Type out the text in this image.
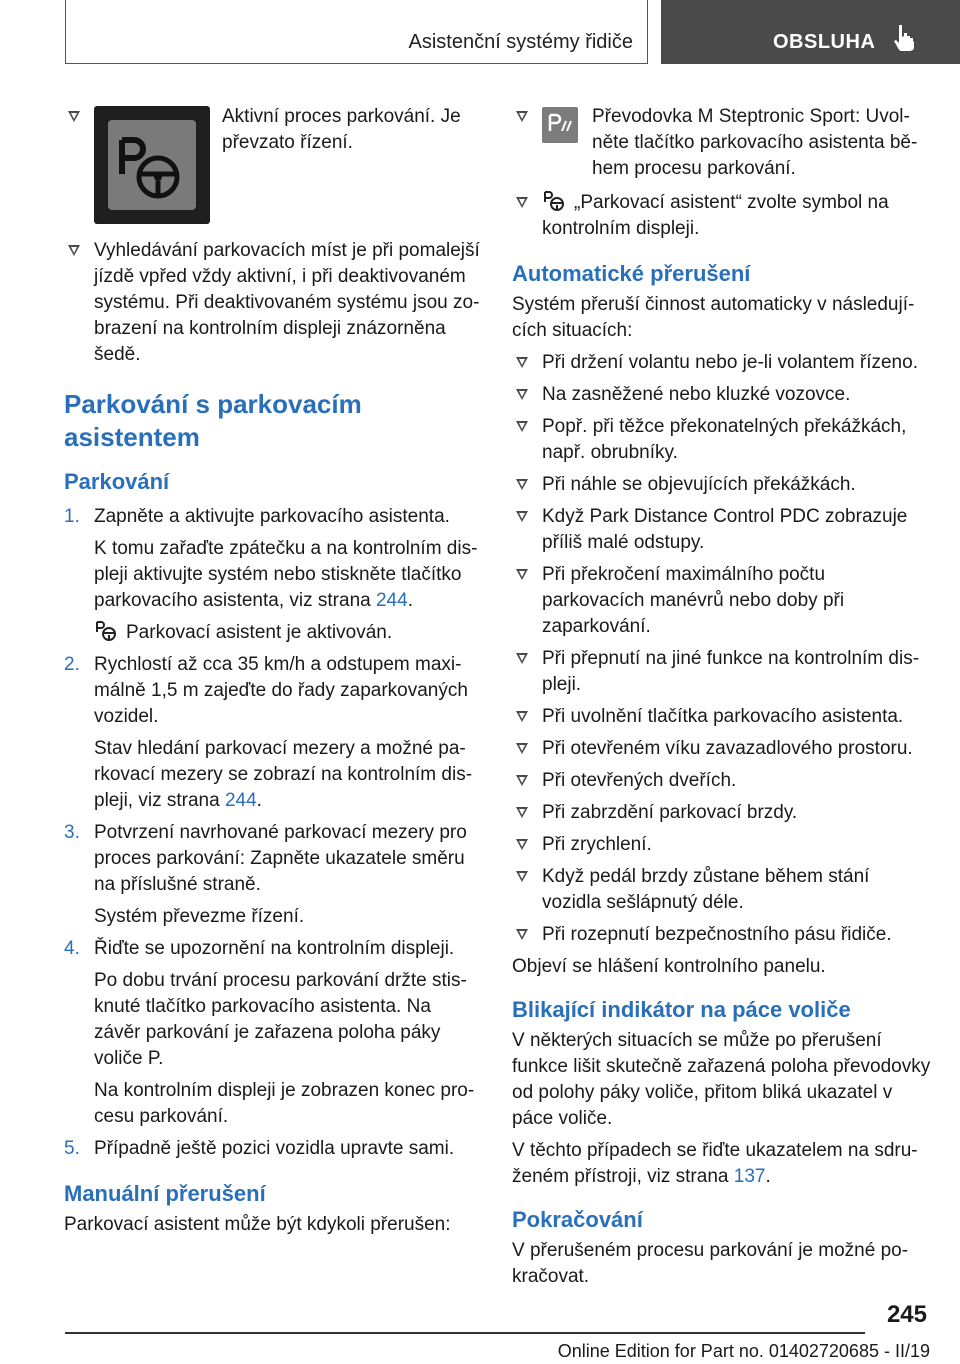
Asistenční systémy řidiče	OBSLUHA
Aktivní proces parkování. Je převzato řízení.
Vyhledávání parkovacích míst je při pomalejší jízdě vpřed vždy aktivní, i při deaktivovaném systému. Při deaktivovaném systému jsou zobrazení na kontrolním displeji znázorněna šedě.
Parkování s parkovacím asistentem
Parkování
1. Zapněte a aktivujte parkovacího asistenta.
K tomu zařaďte zpátečku a na kontrolním displeji aktivujte systém nebo stiskněte tlačítko parkovacího asistenta, viz strana 244.
Parkovací asistent je aktivován.
2. Rychlostí až cca 35 km/h a odstupem maximálně 1,5 m zajeďte do řady zaparkovaných vozidel.
Stav hledání parkovací mezery a možné parkovací mezery se zobrazí na kontrolním displeji, viz strana 244.
3. Potvrzení navrhované parkovací mezery pro proces parkování: Zapněte ukazatele směru na příslušné straně.
Systém převezme řízení.
4. Řiďte se upozornění na kontrolním displeji.
Po dobu trvání procesu parkování držte stisknuté tlačítko parkovacího asistenta. Na závěr parkování je zařazena poloha páky voliče P.
Na kontrolním displeji je zobrazen konec procesu parkování.
5. Případně ještě pozici vozidla upravte sami.
Manuální přerušení

Parkovací asistent může být kdykoli přerušen:

Převodovka M Steptronic Sport: Uvolněte tlačítko parkovacího asistenta během procesu parkování.
„Parkovací asistent“ zvolte symbol na kontrolním displeji.
Automatické přerušení

Systém přeruší činnost automaticky v následujících situacích:

Při držení volantu nebo je-li volantem řízeno.
Na zasněžené nebo kluzké vozovce.
Popř. při těžce překonatelných překážkách, např. obrubníky.
Při náhle se objevujících překážkách.
Když Park Distance Control PDC zobrazuje příliš malé odstupy.
Při překročení maximálního počtu parkovacích manévrů nebo doby při zaparkování.
Při přepnutí na jiné funkce na kontrolním displeji.
Při uvolnění tlačítka parkovacího asistenta.
Při otevřeném víku zavazadlového prostoru.
Při otevřených dveřích.
Při zabrzdění parkovací brzdy.
Při zrychlení.
Když pedál brzdy zůstane během stání vozidla sešlápnutý déle.
Při rozepnutí bezpečnostního pásu řidiče.

Objeví se hlášení kontrolního panelu.

Blikající indikátor na páce voliče

V některých situacích se může po přerušení funkce lišit skutečně zařazená poloha převodovky od polohy páky voliče, přitom bliká ukazatel v páce voliče.

V těchto případech se řiďte ukazatelem na sdruženém přístroji, viz strana 137.

Pokračování

V přerušeném procesu parkování je možné pokračovat.

245
Online Edition for Part no. 01402720685 - II/19
